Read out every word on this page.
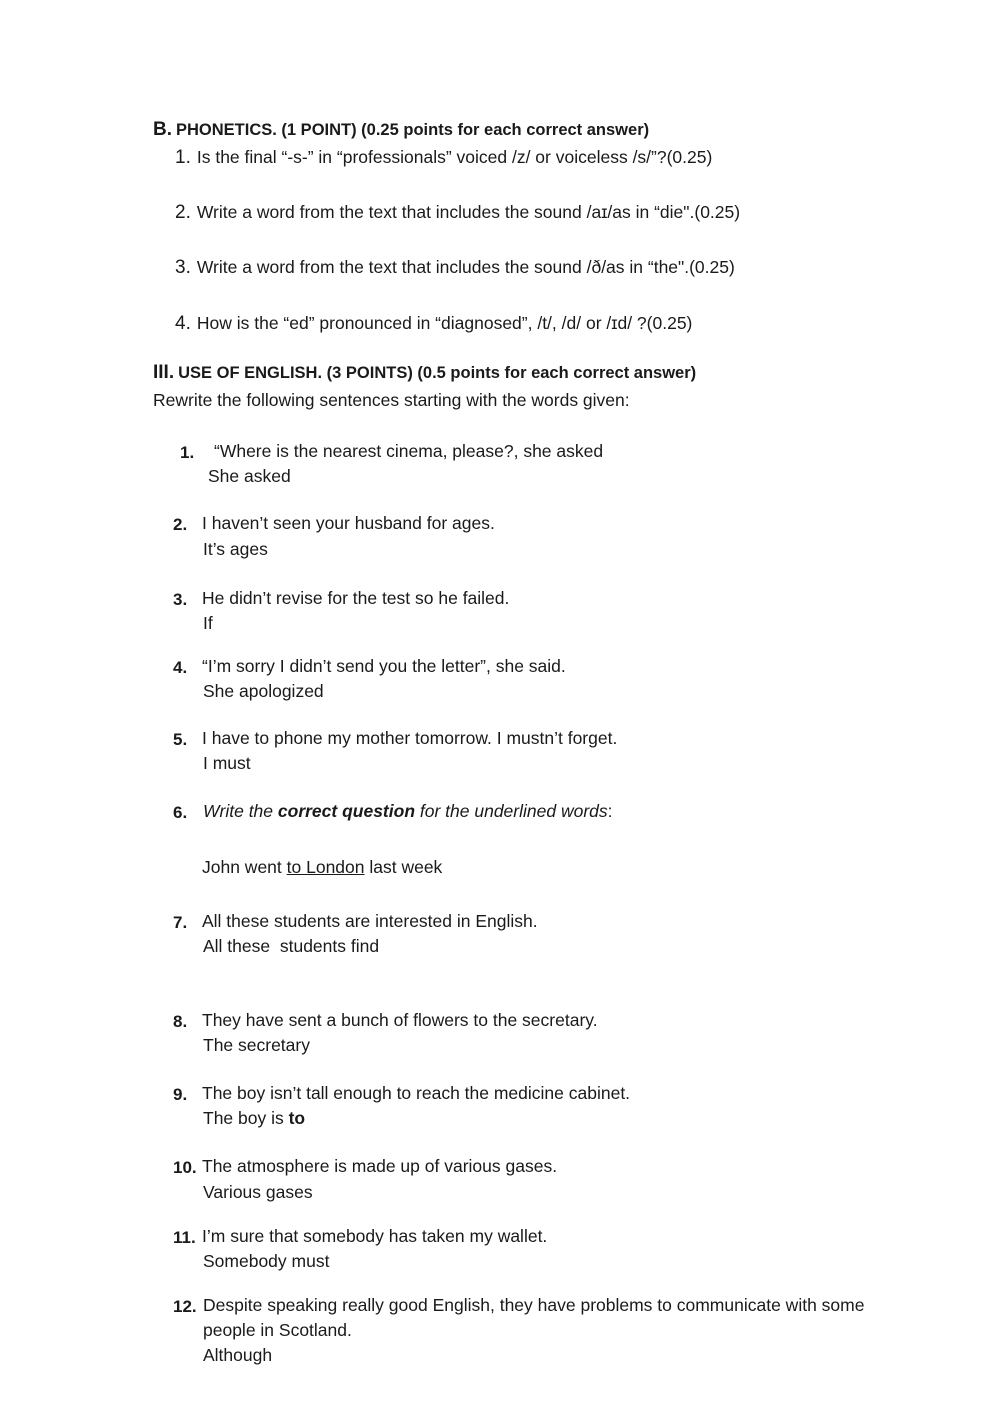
B. PHONETICS. (1 POINT) (0.25 points for each correct answer)
1. Is the final “-s-” in “professionals” voiced /z/ or voiceless /s/”?(0.25)
2. Write a word from the text that includes the sound /aɪ/as in “die".(0.25)
3. Write a word from the text that includes the sound /ð/as in “the".(0.25)
4. How is the “ed” pronounced in “diagnosed”, /t/, /d/ or /ɪd/ ?(0.25)
III. USE OF ENGLISH. (3 POINTS) (0.5 points for each correct answer)
Rewrite the following sentences starting with the words given:
1. “Where is the nearest cinema, please?, she asked
She asked
2. I haven’t seen your husband for ages.
It’s ages
3. He didn’t revise for the test so he failed.
If
4. “I’m sorry I didn’t send you the letter”, she said.
She apologized
5. I have to phone my mother tomorrow. I mustn’t forget.
I must
6. Write the correct question for the underlined words:
John went to London last week
7. All these students are interested in English.
All these  students find
8. They have sent a bunch of flowers to the secretary.
The secretary
9. The boy isn’t tall enough to reach the medicine cabinet.
The boy is to
10. The atmosphere is made up of various gases.
Various gases
11. I’m sure that somebody has taken my wallet.
Somebody must
12. Despite speaking really good English, they have problems to communicate with some
people in Scotland.
Although
